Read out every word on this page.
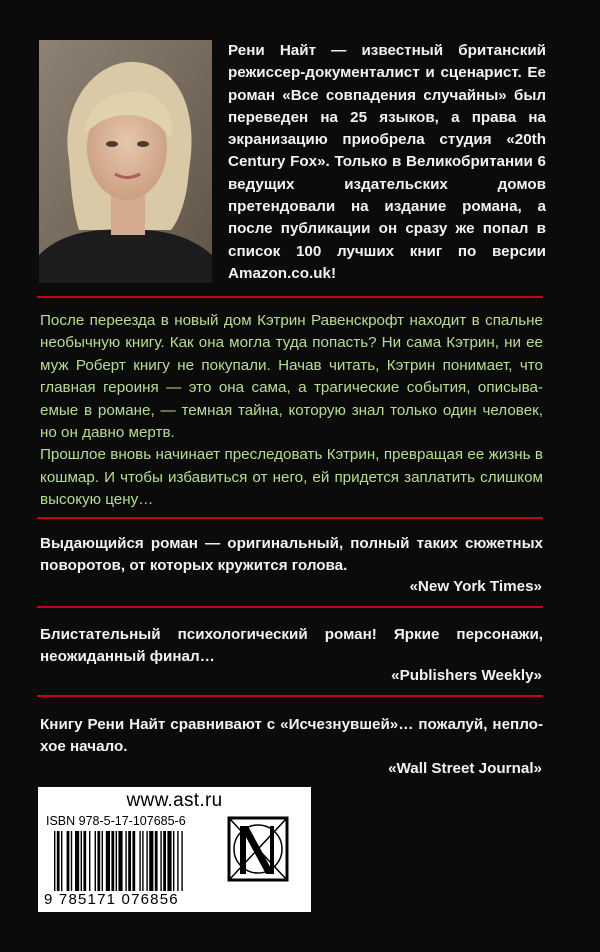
Рени Найт — известный британский режиссер-документалист и сценарист. Ее роман «Все совпадения случайны» был переведен на 25 языков, а права на экранизацию приобрела студия «20th Century Fox». Только в Великобритании 6 ведущих издательских домов претендовали на издание романа, а после публикации он сразу же попал в список 100 лучших книг по версии Amazon.co.uk!

После переезда в новый дом Кэтрин Равенскрофт находит в спальне необычную книгу. Как она могла туда попасть? Ни сама Кэтрин, ни ее муж Роберт книгу не покупали. Начав читать, Кэтрин понимает, что главная героиня — это она сама, а трагические события, описываемые в романе, — темная тайна, которую знал только один человек, но он давно мертв.

Прошлое вновь начинает преследовать Кэтрин, превращая ее жизнь в кошмар. И чтобы избавиться от него, ей придется заплатить слишком высокую цену…

Выдающийся роман — оригинальный, полный таких сюжетных поворотов, от которых кружится голова.

«New York Times»

Блистательный психологический роман! Яркие персонажи, неожиданный финал…

«Publishers Weekly»

Книгу Рени Найт сравнивают с «Исчезнувшей»… пожалуй, неплохое начало.

«Wall Street Journal»
www.ast.ru
ISBN 978-5-17-107685-6
9 785171 076856
